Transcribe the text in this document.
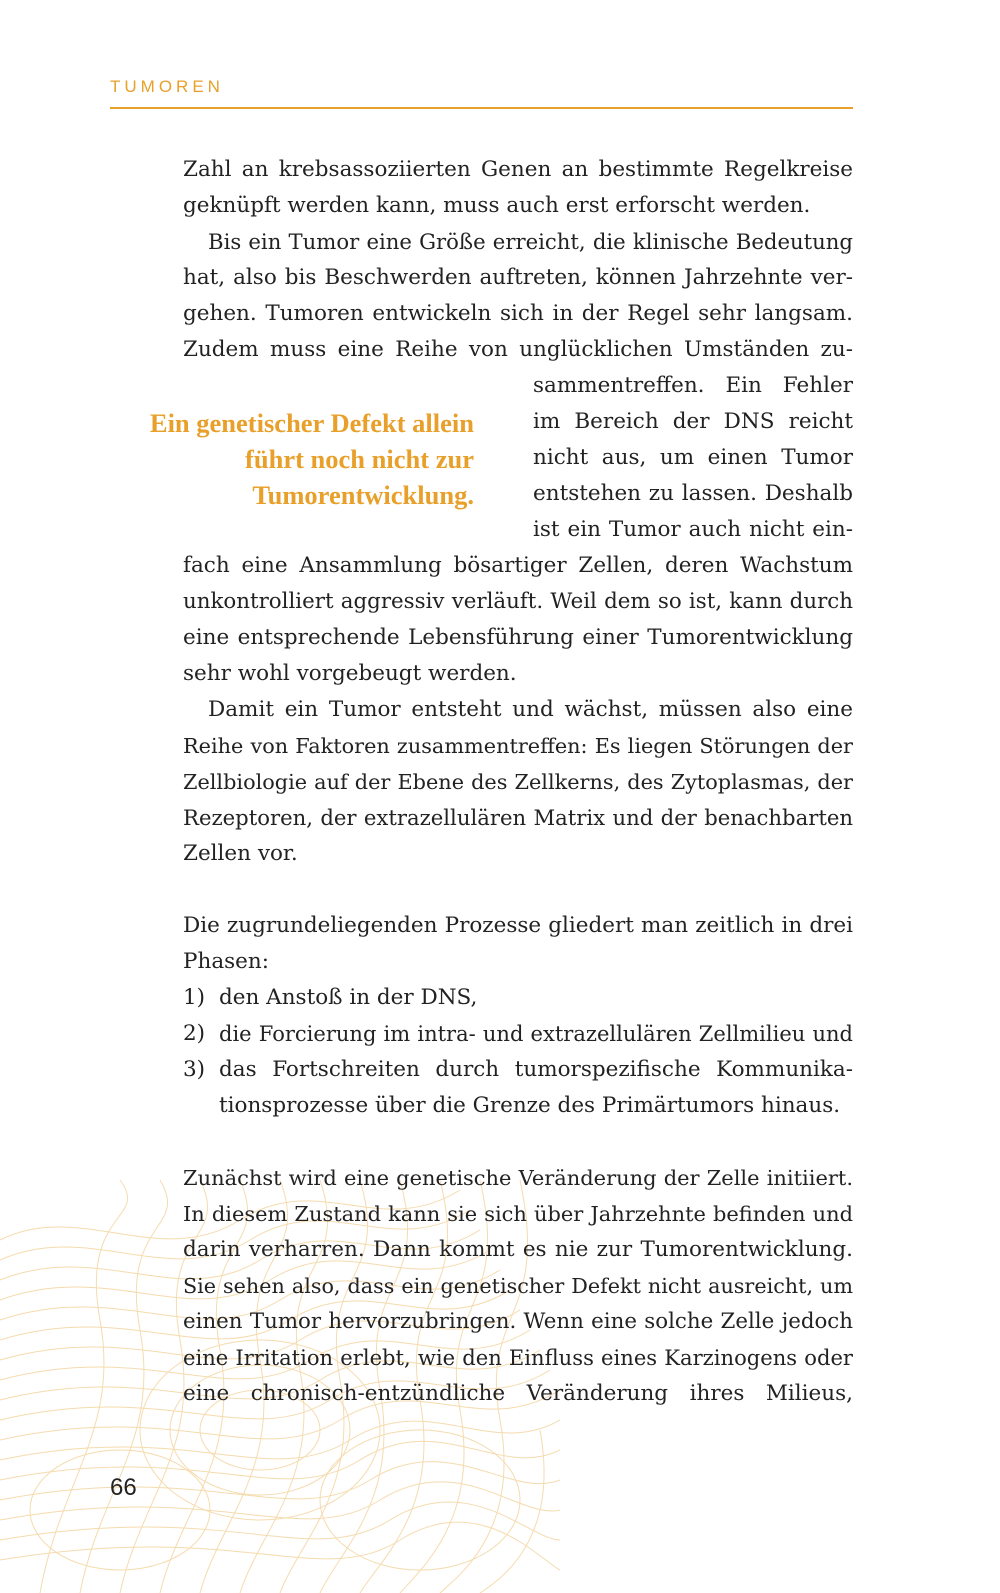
TUMOREN
Ein genetischer Defekt allein
führt noch nicht zur
Tumorentwicklung.
Zahl an krebsassoziierten Genen an bestimmte Regelkreise
geknüpft werden kann, muss auch erst erforscht werden.
Bis ein Tumor eine Größe erreicht, die klinische Bedeutung
hat, also bis Beschwerden auftreten, können Jahrzehnte ver-
gehen. Tumoren entwickeln sich in der Regel sehr langsam.
Zudem muss eine Reihe von unglücklichen Umständen zu-
sammentreffen. Ein Fehler
im Bereich der DNS reicht
nicht aus, um einen Tumor
entstehen zu lassen. Deshalb
ist ein Tumor auch nicht ein-
fach eine Ansammlung bösartiger Zellen, deren Wachstum
unkontrolliert aggressiv verläuft. Weil dem so ist, kann durch
eine entsprechende Lebensführung einer Tumorentwicklung
sehr wohl vorgebeugt werden.
Damit ein Tumor entsteht und wächst, müssen also eine
Reihe von Faktoren zusammentreffen: Es liegen Störungen der
Zellbiologie auf der Ebene des Zellkerns, des Zytoplasmas, der
Rezeptoren, der extrazellulären Matrix und der benachbarten
Zellen vor.
Die zugrundeliegenden Prozesse gliedert man zeitlich in drei
Phasen:
1) den Anstoß in der DNS,
2) die Forcierung im intra- und extrazellulären Zellmilieu und
3) das Fortschreiten durch tumorspezifische Kommunika-
tionsprozesse über die Grenze des Primärtumors hinaus.
Zunächst wird eine genetische Veränderung der Zelle initiiert.
In diesem Zustand kann sie sich über Jahrzehnte befinden und
darin verharren. Dann kommt es nie zur Tumorentwicklung.
Sie sehen also, dass ein genetischer Defekt nicht ausreicht, um
einen Tumor hervorzubringen. Wenn eine solche Zelle jedoch
eine Irritation erlebt, wie den Einfluss eines Karzinogens oder
eine chronisch-entzündliche Veränderung ihres Milieus,
66
